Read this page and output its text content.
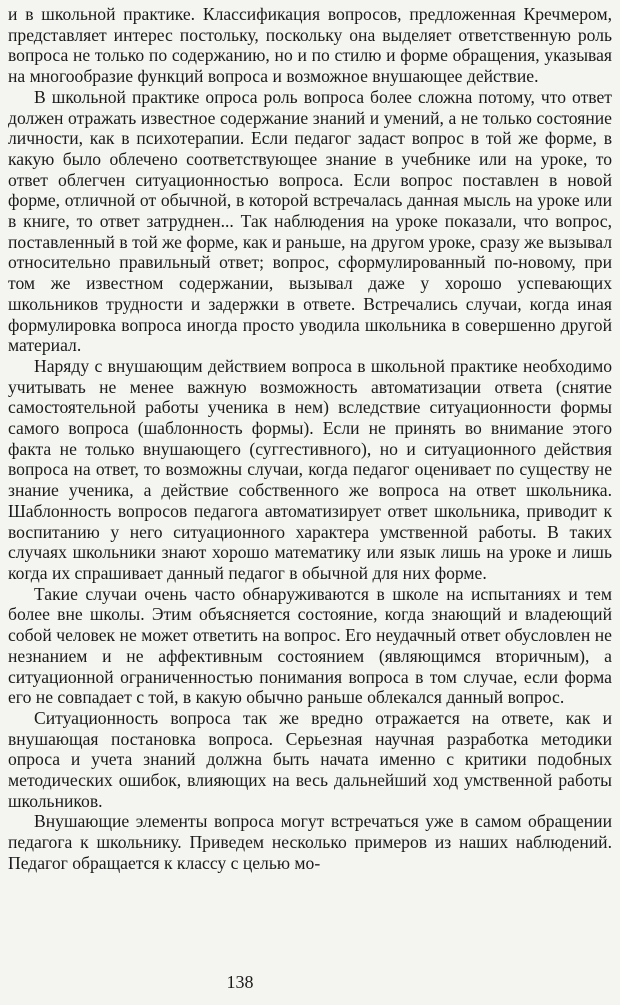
и в школьной практике. Классификация вопросов, предложенная Кречмером, представляет интерес постольку, поскольку она выделяет ответственную роль вопроса не только по содержанию, но и по стилю и форме обращения, указывая на многообразие функций вопроса и возможное внушающее действие.

В школьной практике опроса роль вопроса более сложна потому, что ответ должен отражать известное содержание знаний и умений, а не только состояние личности, как в психотерапии. Если педагог задаст вопрос в той же форме, в какую было облечено соответствующее знание в учебнике или на уроке, то ответ облегчен ситуационностью вопроса. Если вопрос поставлен в новой форме, отличной от обычной, в которой встречалась данная мысль на уроке или в книге, то ответ затруднен... Так наблюдения на уроке показали, что вопрос, поставленный в той же форме, как и раньше, на другом уроке, сразу же вызывал относительно правильный ответ; вопрос, сформулированный по-новому, при том же известном содержании, вызывал даже у хорошо успевающих школьников трудности и задержки в ответе. Встречались случаи, когда иная формулировка вопроса иногда просто уводила школьника в совершенно другой материал.

Наряду с внушающим действием вопроса в школьной практике необходимо учитывать не менее важную возможность автоматизации ответа (снятие самостоятельной работы ученика в нем) вследствие ситуационности формы самого вопроса (шаблонность формы). Если не принять во внимание этого факта не только внушающего (суггестивного), но и ситуационного действия вопроса на ответ, то возможны случаи, когда педагог оценивает по существу не знание ученика, а действие собственного же вопроса на ответ школьника. Шаблонность вопросов педагога автоматизирует ответ школьника, приводит к воспитанию у него ситуационного характера умственной работы. В таких случаях школьники знают хорошо математику или язык лишь на уроке и лишь когда их спрашивает данный педагог в обычной для них форме.

Такие случаи очень часто обнаруживаются в школе на испытаниях и тем более вне школы. Этим объясняется состояние, когда знающий и владеющий собой человек не может ответить на вопрос. Его неудачный ответ обусловлен не незнанием и не аффективным состоянием (являющимся вторичным), а ситуационной ограниченностью понимания вопроса в том случае, если форма его не совпадает с той, в какую обычно раньше облекался данный вопрос.

Ситуационность вопроса так же вредно отражается на ответе, как и внушающая постановка вопроса. Серьезная научная разработка методики опроса и учета знаний должна быть начата именно с критики подобных методических ошибок, влияющих на весь дальнейший ход умственной работы школьников.

Внушающие элементы вопроса могут встречаться уже в самом обращении педагога к школьнику. Приведем несколько примеров из наших наблюдений. Педагог обращается к классу с целью мо-

138
